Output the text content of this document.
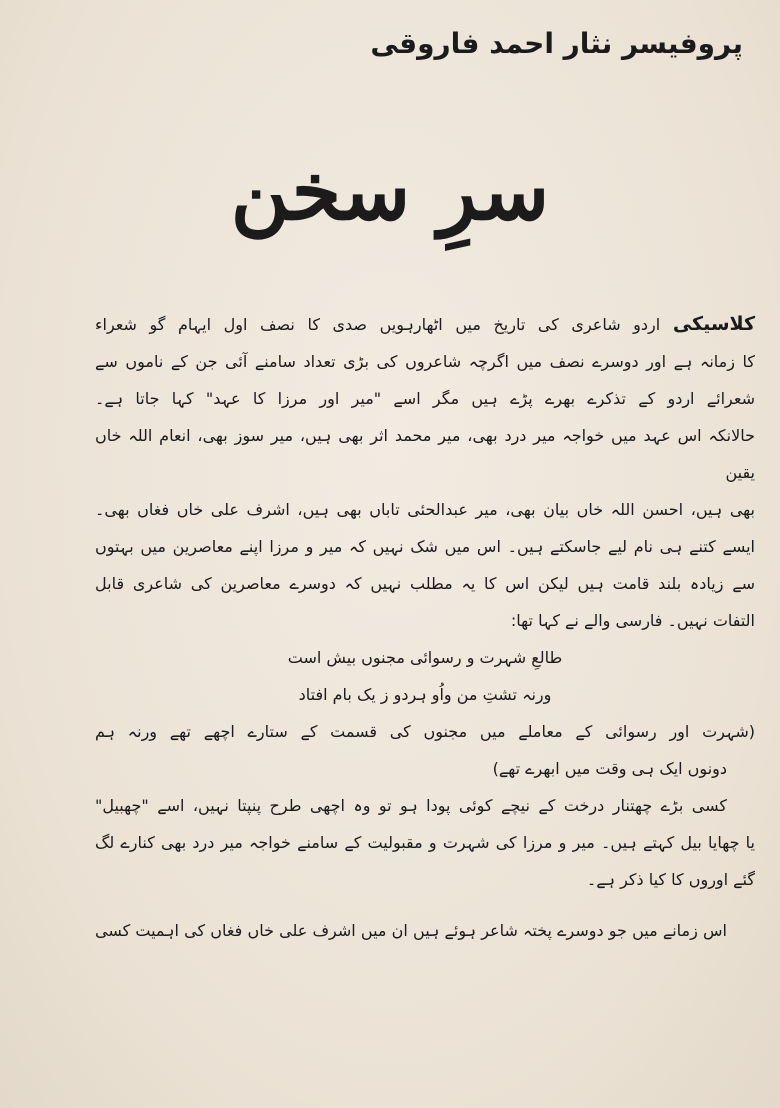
پروفیسر نثار احمد فاروقی
سرِ سخن
کلاسیکی اردو شاعری کی تاریخ میں اٹھارہویں صدی کا نصف اول ایہام گو شعراء
کا زمانہ ہے اور دوسرے نصف میں اگرچہ شاعروں کی بڑی تعداد سامنے آئی جن کے ناموں سے
شعرائے اردو کے تذکرے بھرے پڑے ہیں مگر اسے "میر اور مرزا کا عہد" کہا جاتا ہے۔
حالانکہ اس عہد میں خواجہ میر درد بھی، میر محمد اثر بھی ہیں، میر سوز بھی، انعام اللہ خاں یقین
بھی ہیں، احسن اللہ خاں بیان بھی، میر عبدالحئی تاباں بھی ہیں، اشرف علی خاں فغاں بھی۔
ایسے کتنے ہی نام لیے جاسکتے ہیں۔ اس میں شک نہیں کہ میر و مرزا اپنے معاصرین میں بہتوں
سے زیادہ بلند قامت ہیں لیکن اس کا یہ مطلب نہیں کہ دوسرے معاصرین کی شاعری قابل
التفات نہیں۔ فارسی والے نے کہا تھا:
طالعِ شہرت و رسوائی مجنوں بیش است
ورنہ تشتِ من واُو ہردو ز یک بام افتاد
(شہرت اور رسوائی کے معاملے میں مجنوں کی قسمت کے ستارے اچھے تھے ورنہ ہم
دونوں ایک ہی وقت میں ابھرے تھے)
کسی بڑے چھتنار درخت کے نیچے کوئی پودا ہو تو وہ اچھی طرح پنپتا نہیں، اسے "چھبیل"
یا چھایا بیل کہتے ہیں۔ میر و مرزا کی شہرت و مقبولیت کے سامنے خواجہ میر درد بھی کنارے لگ
گئے اوروں کا کیا ذکر ہے۔
اس زمانے میں جو دوسرے پختہ شاعر ہوئے ہیں ان میں اشرف علی خاں فغاں کی اہمیت کسی
